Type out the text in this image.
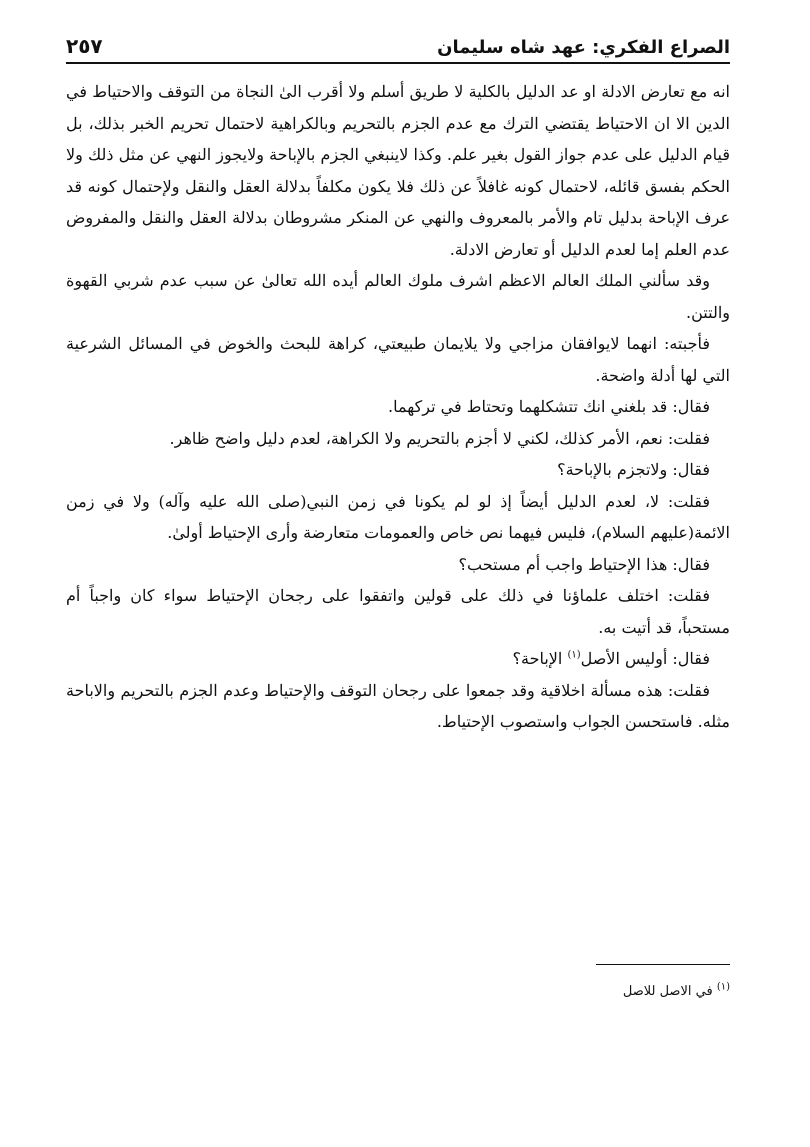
الصراع الفكري: عهد شاه سليمان
٢٥٧

انه مع تعارض الادلة او عد الدليل بالكلية لا طريق أسلم ولا أقرب الىٰ النجاة من التوقف والاحتياط في الدين الا ان الاحتياط يقتضي الترك مع عدم الجزم بالتحريم وبالكراهية لاحتمال تحريم الخبر بذلك، بل قيام الدليل على عدم جواز القول بغير علم. وكذا لاينبغي الجزم بالإباحة ولايجوز النهي عن مثل ذلك ولا الحكم بفسق قائله، لاحتمال كونه غافلاً عن ذلك فلا يكون مكلفاً بدلالة العقل والنقل ولإحتمال كونه قد عرف الإباحة بدليل تام والأمر بالمعروف والنهي عن المنكر مشروطان بدلالة العقل والنقل والمفروض عدم العلم إما لعدم الدليل أو تعارض الادلة.

وقد سألني الملك العالم الاعظم اشرف ملوك العالم أيده الله تعالىٰ عن سبب عدم شربي القهوة والتتن.

فأجبته: انهما لايوافقان مزاجي ولا يلايمان طبيعتي، كراهة للبحث والخوض في المسائل الشرعية التي لها أدلة واضحة.

فقال: قد بلغني انك تتشكلهما وتحتاط في تركهما.

فقلت: نعم، الأمر كذلك، لكني لا أجزم بالتحريم ولا الكراهة، لعدم دليل واضح ظاهر.

فقال: ولاتجزم بالإباحة؟

فقلت: لا، لعدم الدليل أيضاً إذ لو لم يكونا في زمن النبي(صلى الله عليه وآله) ولا في زمن الائمة(عليهم السلام)، فليس فيهما نص خاص والعمومات متعارضة وأرى الإحتياط أولىٰ.

فقال: هذا الإحتياط واجب أم مستحب؟

فقلت: اختلف علماؤنا في ذلك على قولين واتفقوا على رجحان الإحتياط سواء كان واجباً أم مستحباً، قد أتيت به.

فقال: أوليس الأصل$^{(١)}$ الإباحة؟

فقلت: هذه مسألة اخلاقية وقد جمعوا على رجحان التوقف والإحتياط وعدم الجزم بالتحريم والاباحة مثله. فاستحسن الجواب واستصوب الإحتياط.

$^{(١)}$ في الاصل للاصل
